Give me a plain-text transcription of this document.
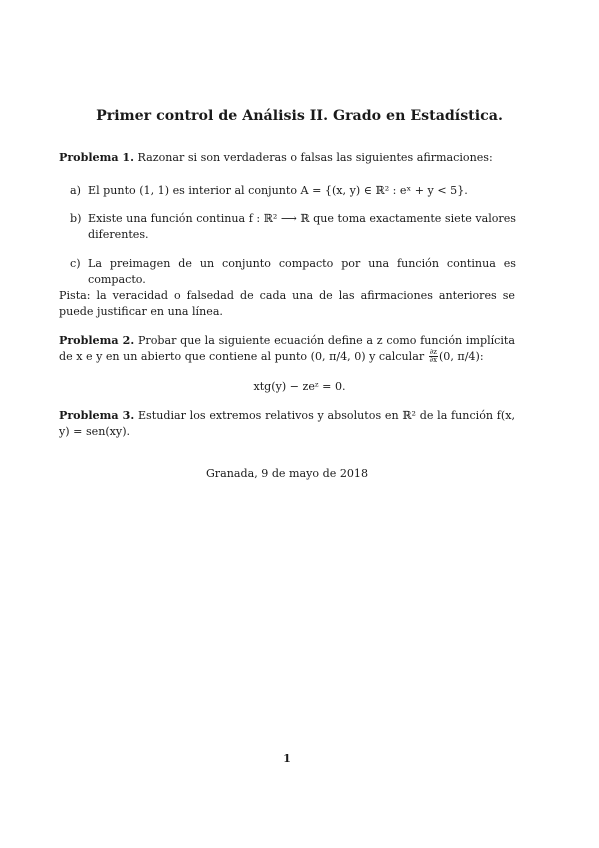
Primer control de Análisis II. Grado en Estadística.
Problema 1. Razonar si son verdaderas o falsas las siguientes afirmaciones:
a) El punto (1, 1) es interior al conjunto A = {(x, y) ∈ ℝ² : eˣ + y < 5}.
b) Existe una función continua f : ℝ² ⟶ ℝ que toma exactamente siete valores diferentes.
c) La preimagen de un conjunto compacto por una función continua es compacto.
Pista: la veracidad o falsedad de cada una de las afirmaciones anteriores se puede justificar en una línea.
Problema 2. Probar que la siguiente ecuación define a z como función implícita de x e y en un abierto que contiene al punto (0, π/4, 0) y calcular $\frac{\partial z}{\partial x} (0$, π/4):
xtg(y) − zeᶻ = 0.
Problema 3. Estudiar los extremos relativos y absolutos en ℝ² de la función f(x, y) = sen(xy).
Granada, 9 de mayo de 2018
1
